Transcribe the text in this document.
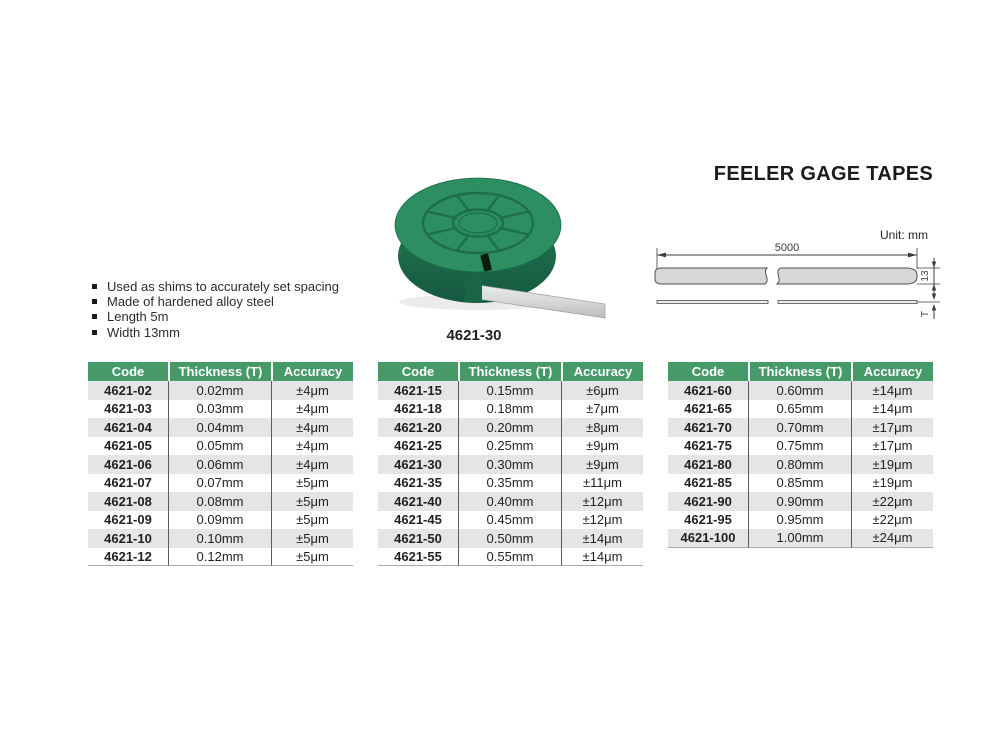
FEELER GAGE TAPES
Unit: mm
Used as shims to accurately set spacing
Made of hardened alloy steel
Length 5m
Width 13mm	4621-30
5000
13
T
Code	Thickness (T)	Accuracy
4621-02	0.02mm	±4μm
4621-03	0.03mm	±4μm
4621-04	0.04mm	±4μm
4621-05	0.05mm	±4μm
4621-06	0.06mm	±4μm
4621-07	0.07mm	±5μm
4621-08	0.08mm	±5μm
4621-09	0.09mm	±5μm
4621-10	0.10mm	±5μm
4621-12	0.12mm	±5μm
Code	Thickness (T)	Accuracy
4621-15	0.15mm	±6μm
4621-18	0.18mm	±7μm
4621-20	0.20mm	±8μm
4621-25	0.25mm	±9μm
4621-30	0.30mm	±9μm
4621-35	0.35mm	±11μm
4621-40	0.40mm	±12μm
4621-45	0.45mm	±12μm
4621-50	0.50mm	±14μm
4621-55	0.55mm	±14μm
Code	Thickness (T)	Accuracy
4621-60	0.60mm	±14μm
4621-65	0.65mm	±14μm
4621-70	0.70mm	±17μm
4621-75	0.75mm	±17μm
4621-80	0.80mm	±19μm
4621-85	0.85mm	±19μm
4621-90	0.90mm	±22μm
4621-95	0.95mm	±22μm
4621-100	1.00mm	±24μm
